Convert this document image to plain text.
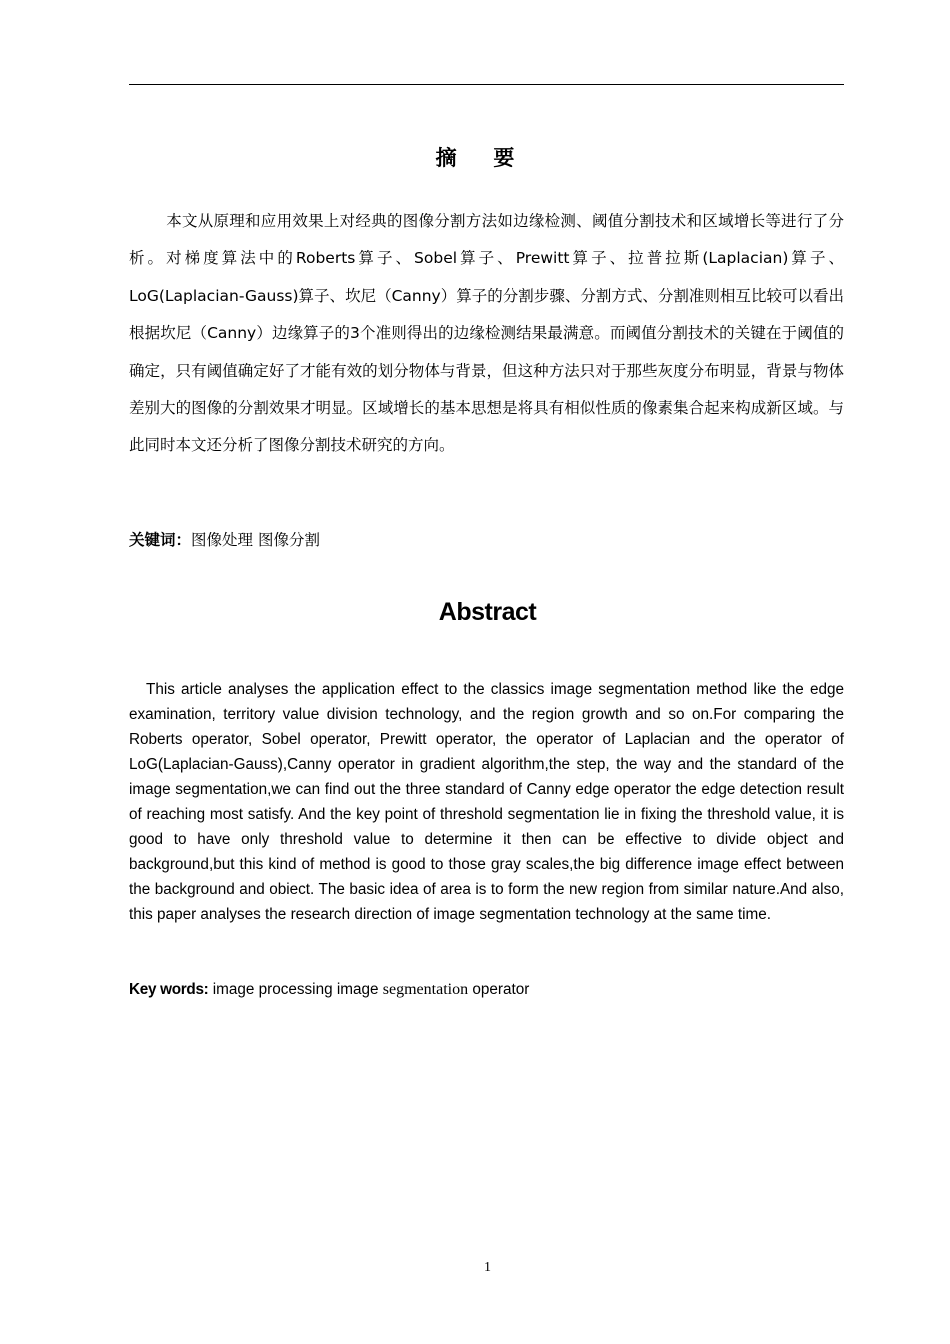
摘 要

本文从原理和应用效果上对经典的图像分割方法如边缘检测、阈值分割技术和区域增长等进行了分析。对梯度算法中的Roberts算子、Sobel算子、Prewitt算子、拉普拉斯(Laplacian)算子、LoG(Laplacian-Gauss)算子、坎尼（Canny）算子的分割步骤、分割方式、分割准则相互比较可以看出根据坎尼（Canny）边缘算子的3个准则得出的边缘检测结果最满意。而阈值分割技术的关键在于阈值的确定，只有阈值确定好了才能有效的划分物体与背景，但这种方法只对于那些灰度分布明显，背景与物体差别大的图像的分割效果才明显。区域增长的基本思想是将具有相似性质的像素集合起来构成新区域。与此同时本文还分析了图像分割技术研究的方向。

关键词：图像处理 图像分割
Abstract

This article analyses the application effect to the classics image segmentation method like the edge examination, territory value division technology, and the region growth and so on.For comparing the Roberts operator, Sobel operator, Prewitt operator, the operator of Laplacian and the operator of LoG(Laplacian-Gauss),Canny operator in gradient algorithm,the step, the way and the standard of the image segmentation,we can find out the three standard of Canny edge operator the edge detection result of reaching most satisfy. And the key point of threshold segmentation lie in fixing the threshold value, it is good to have only threshold value to determine it then can be effective to divide object and background,but this kind of method is good to those gray scales,the big difference image effect between the background and obiect. The basic idea of area is to form the new region from similar nature.And also, this paper analyses the research direction of image segmentation technology at the same time.

Key words: image processing image segmentation operator
1
